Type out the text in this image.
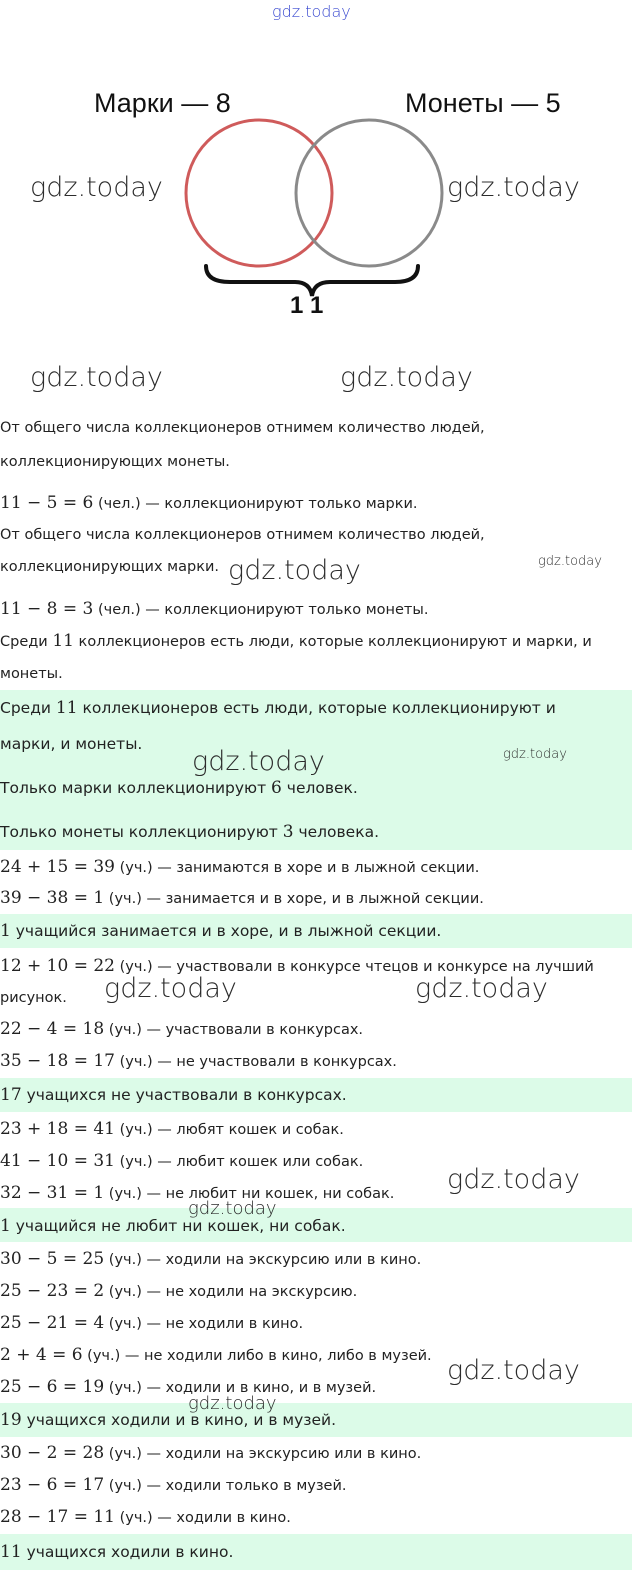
gdz.today
Марки — 8	Монеты — 5
1 1
gdz.today	gdz.today
gdz.today	gdz.today
От общего числа коллекционеров отнимем количество людей,
коллекционирующих монеты.
11 − 5 = 6 (чел.) — коллекционируют только марки.
От общего числа коллекционеров отнимем количество людей,
коллекционирующих марки. gdz.today	gdz.today
11 − 8 = 3 (чел.) — коллекционируют только монеты.
Среди 11 коллекционеров есть люди, которые коллекционируют и марки, и
монеты.
Среди 11 коллекционеров есть люди, которые коллекционируют и
марки, и монеты.
gdz.today	gdz.today
Только марки коллекционируют 6 человек.
Только монеты коллекционируют 3 человека.
24 + 15 = 39 (уч.) — занимаются в хоре и в лыжной секции.
39 − 38 = 1 (уч.) — занимается и в хоре, и в лыжной секции.
1 учащийся занимается и в хоре, и в лыжной секции.
12 + 10 = 22 (уч.) — участвовали в конкурсе чтецов и конкурсе на лучший
рисунок. gdz.today	gdz.today
22 − 4 = 18 (уч.) — участвовали в конкурсах.
35 − 18 = 17 (уч.) — не участвовали в конкурсах.
17 учащихся не участвовали в конкурсах.
23 + 18 = 41 (уч.) — любят кошек и собак.
41 − 10 = 31 (уч.) — любит кошек или собак.
32 − 31 = 1 (уч.) — не любит ни кошек, ни собак. gdz.today
gdz.today
1 учащийся не любит ни кошек, ни собак.
30 − 5 = 25 (уч.) — ходили на экскурсию или в кино.
25 − 23 = 2 (уч.) — не ходили на экскурсию.
25 − 21 = 4 (уч.) — не ходили в кино.
2 + 4 = 6 (уч.) — не ходили либо в кино, либо в музей. gdz.today
25 − 6 = 19 (уч.) — ходили и в кино, и в музей.
gdz.today
19 учащихся ходили и в кино, и в музей.
30 − 2 = 28 (уч.) — ходили на экскурсию или в кино.
23 − 6 = 17 (уч.) — ходили только в музей.
28 − 17 = 11 (уч.) — ходили в кино.
11 учащихся ходили в кино.
